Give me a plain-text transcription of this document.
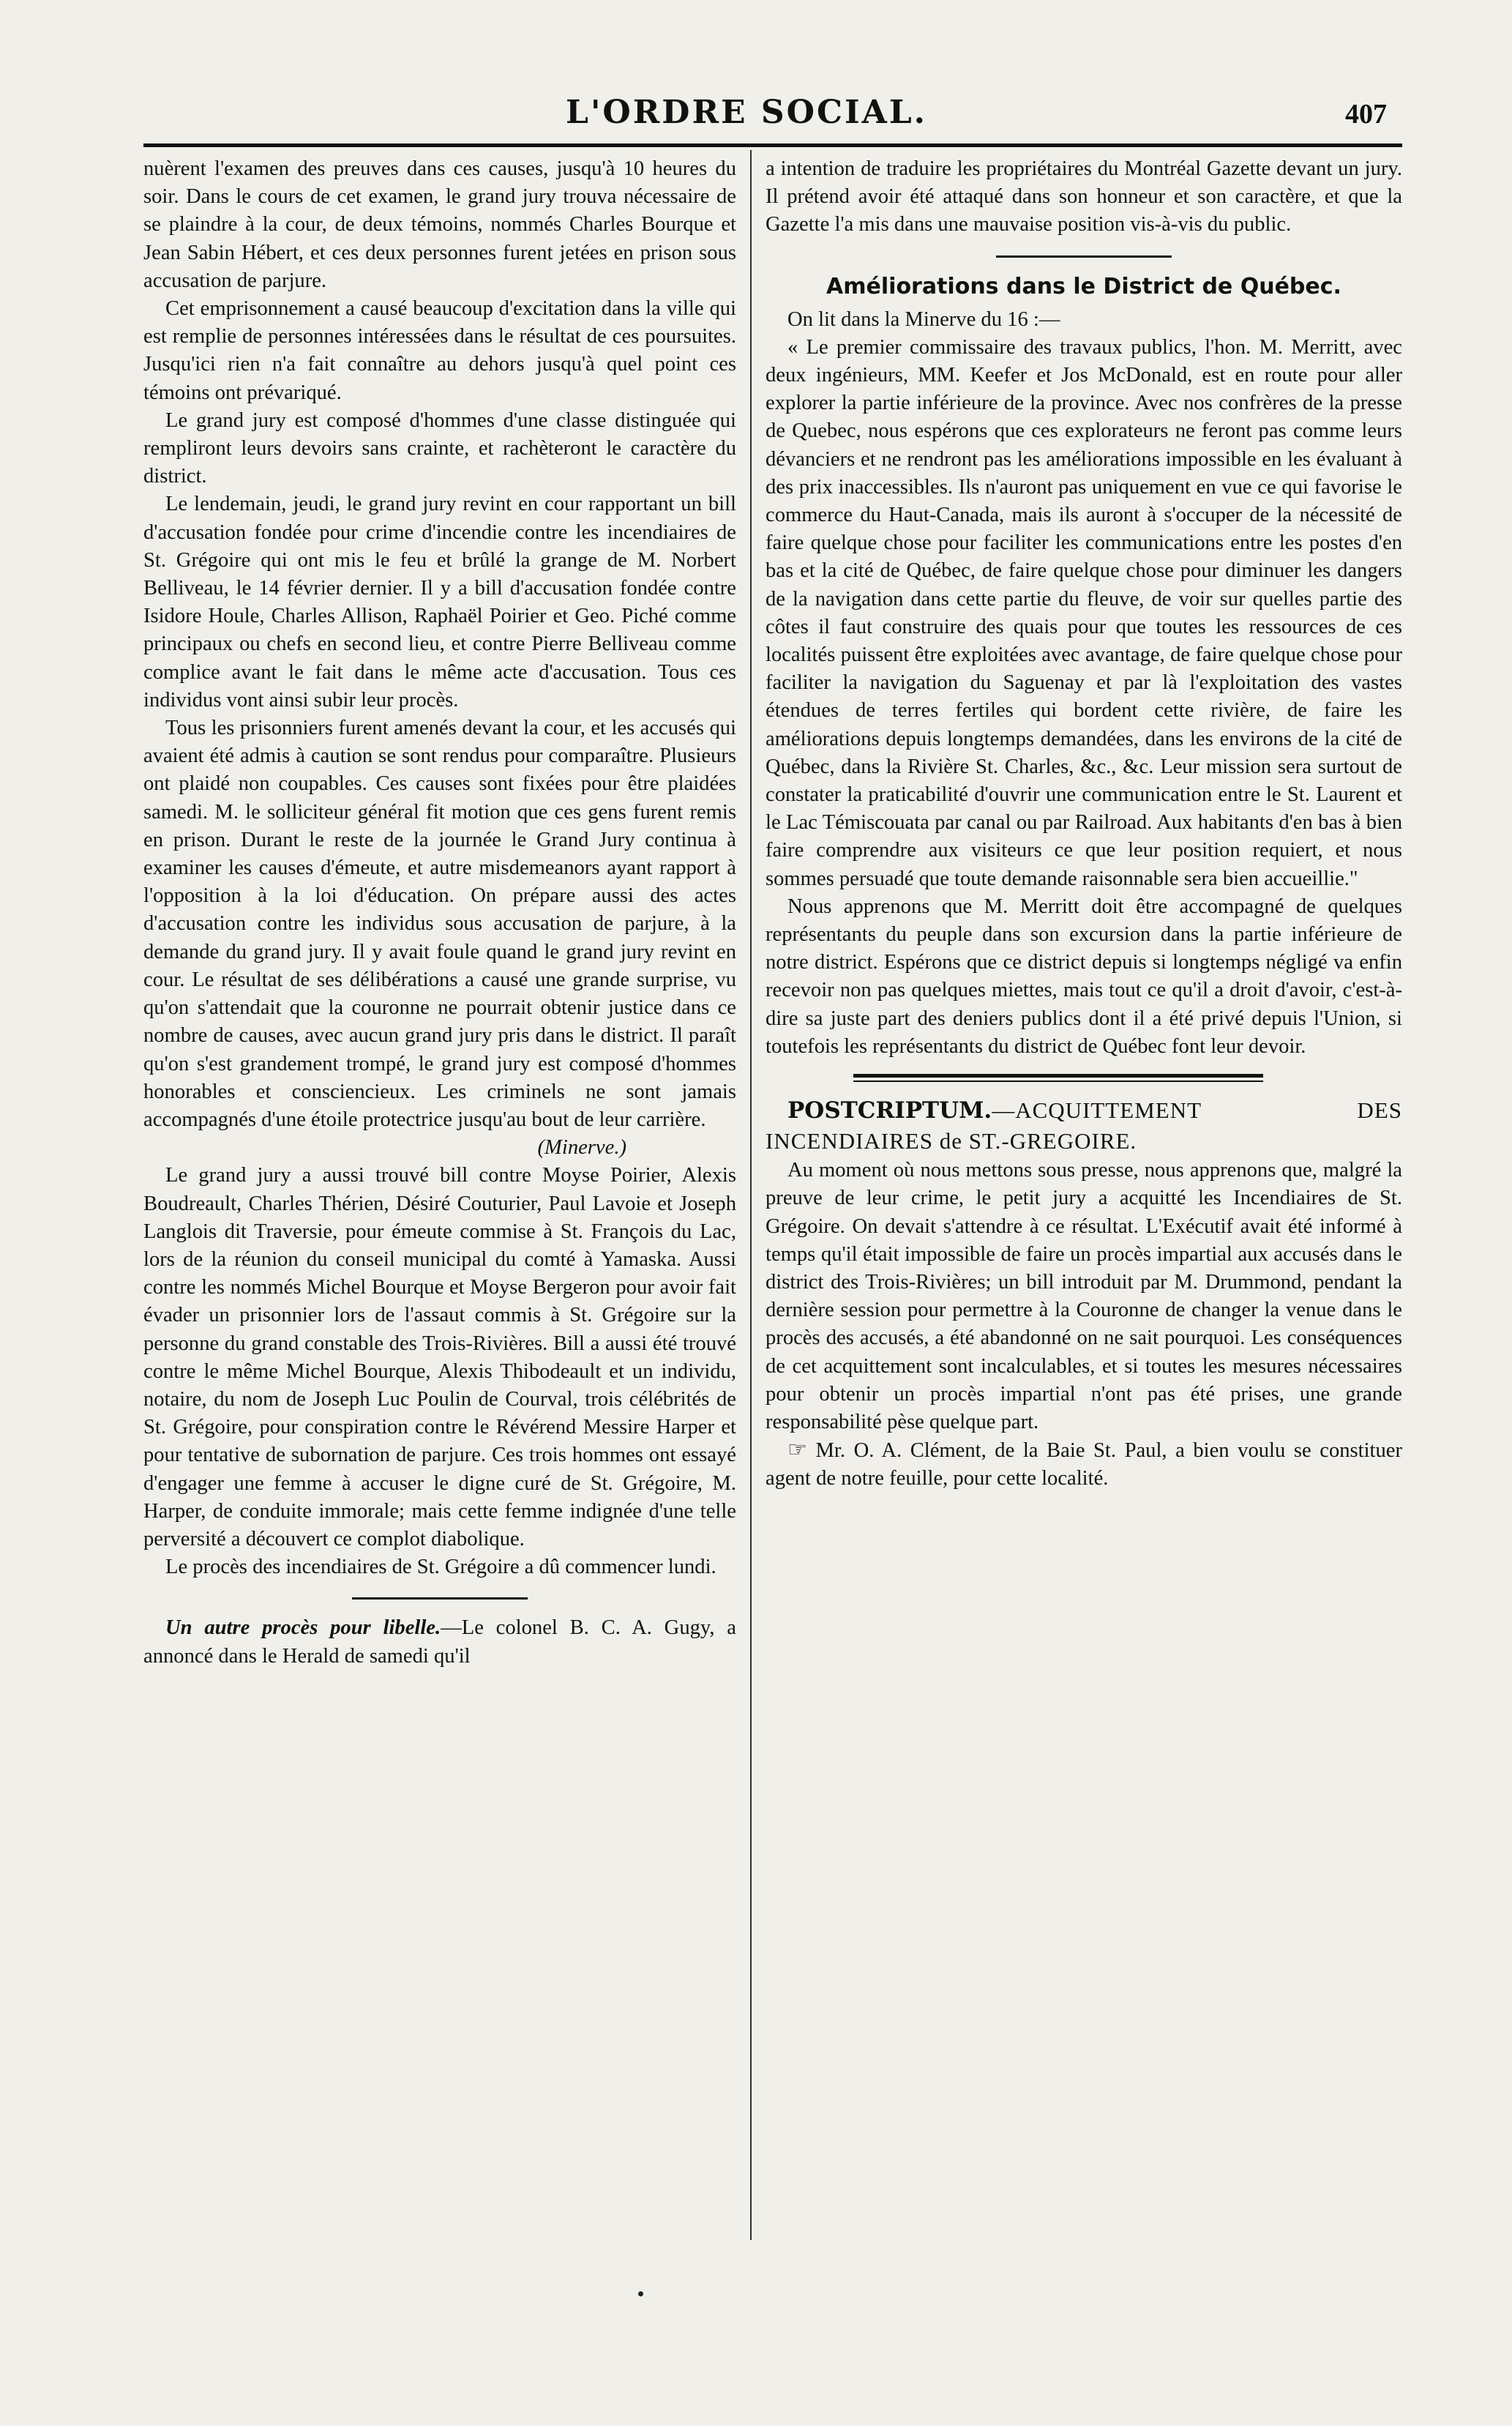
L'ORDRE SOCIAL.	407

nuèrent l'examen des preuves dans ces causes, jusqu'à 10 heures du soir. Dans le cours de cet examen, le grand jury trouva nécessaire de se plaindre à la cour, de deux témoins, nommés Charles Bourque et Jean Sabin Hébert, et ces deux personnes furent jetées en prison sous accusation de parjure.

Cet emprisonnement a causé beaucoup d'excitation dans la ville qui est remplie de personnes intéressées dans le résultat de ces poursuites. Jusqu'ici rien n'a fait connaître au dehors jusqu'à quel point ces témoins ont prévariqué.

Le grand jury est composé d'hommes d'une classe distinguée qui rempliront leurs devoirs sans crainte, et rachèteront le caractère du district.

Le lendemain, jeudi, le grand jury revint en cour rapportant un bill d'accusation fondée pour crime d'incendie contre les incendiaires de St. Grégoire qui ont mis le feu et brûlé la grange de M. Norbert Belliveau, le 14 février dernier. Il y a bill d'accusation fondée contre Isidore Houle, Charles Allison, Raphaël Poirier et Geo. Piché comme principaux ou chefs en second lieu, et contre Pierre Belliveau comme complice avant le fait dans le même acte d'accusation. Tous ces individus vont ainsi subir leur procès.

Tous les prisonniers furent amenés devant la cour, et les accusés qui avaient été admis à caution se sont rendus pour comparaître. Plusieurs ont plaidé non coupables. Ces causes sont fixées pour être plaidées samedi. M. le solliciteur général fit motion que ces gens furent remis en prison. Durant le reste de la journée le Grand Jury continua à examiner les causes d'émeute, et autre misdemeanors ayant rapport à l'opposition à la loi d'éducation. On prépare aussi des actes d'accusation contre les individus sous accusation de parjure, à la demande du grand jury. Il y avait foule quand le grand jury revint en cour. Le résultat de ses délibérations a causé une grande surprise, vu qu'on s'attendait que la couronne ne pourrait obtenir justice dans ce nombre de causes, avec aucun grand jury pris dans le district. Il paraît qu'on s'est grandement trompé, le grand jury est composé d'hommes honorables et consciencieux. Les criminels ne sont jamais accompagnés d'une étoile protectrice jusqu'au bout de leur carrière.

(Minerve.)

Le grand jury a aussi trouvé bill contre Moyse Poirier, Alexis Boudreault, Charles Thérien, Désiré Couturier, Paul Lavoie et Joseph Langlois dit Traversie, pour émeute commise à St. François du Lac, lors de la réunion du conseil municipal du comté à Yamaska. Aussi contre les nommés Michel Bourque et Moyse Bergeron pour avoir fait évader un prisonnier lors de l'assaut commis à St. Grégoire sur la personne du grand constable des Trois-Rivières. Bill a aussi été trouvé contre le même Michel Bourque, Alexis Thibodeault et un individu, notaire, du nom de Joseph Luc Poulin de Courval, trois célébrités de St. Grégoire, pour conspiration contre le Révérend Messire Harper et pour tentative de subornation de parjure. Ces trois hommes ont essayé d'engager une femme à accuser le digne curé de St. Grégoire, M. Harper, de conduite immorale; mais cette femme indignée d'une telle perversité a découvert ce complot diabolique.

Le procès des incendiaires de St. Grégoire a dû commencer lundi.

Un autre procès pour libelle.—Le colonel B. C. A. Gugy, a annoncé dans le Herald de samedi qu'il

a intention de traduire les propriétaires du Montréal Gazette devant un jury. Il prétend avoir été attaqué dans son honneur et son caractère, et que la Gazette l'a mis dans une mauvaise position vis-à-vis du public.

Améliorations dans le District de Québec.

On lit dans la Minerve du 16 :—

« Le premier commissaire des travaux publics, l'hon. M. Merritt, avec deux ingénieurs, MM. Keefer et Jos McDonald, est en route pour aller explorer la partie inférieure de la province. Avec nos confrères de la presse de Quebec, nous espérons que ces explorateurs ne feront pas comme leurs dévanciers et ne rendront pas les améliorations impossible en les évaluant à des prix inaccessibles. Ils n'auront pas uniquement en vue ce qui favorise le commerce du Haut-Canada, mais ils auront à s'occuper de la nécessité de faire quelque chose pour faciliter les communications entre les postes d'en bas et la cité de Québec, de faire quelque chose pour diminuer les dangers de la navigation dans cette partie du fleuve, de voir sur quelles partie des côtes il faut construire des quais pour que toutes les ressources de ces localités puissent être exploitées avec avantage, de faire quelque chose pour faciliter la navigation du Saguenay et par là l'exploitation des vastes étendues de terres fertiles qui bordent cette rivière, de faire les améliorations depuis longtemps demandées, dans les environs de la cité de Québec, dans la Rivière St. Charles, &c., &c. Leur mission sera surtout de constater la praticabilité d'ouvrir une communication entre le St. Laurent et le Lac Témiscouata par canal ou par Railroad. Aux habitants d'en bas à bien faire comprendre aux visiteurs ce que leur position requiert, et nous sommes persuadé que toute demande raisonnable sera bien accueillie."

Nous apprenons que M. Merritt doit être accompagné de quelques représentants du peuple dans son excursion dans la partie inférieure de notre district. Espérons que ce district depuis si longtemps négligé va enfin recevoir non pas quelques miettes, mais tout ce qu'il a droit d'avoir, c'est-à-dire sa juste part des deniers publics dont il a été privé depuis l'Union, si toutefois les représentants du district de Québec font leur devoir.

POSTCRIPTUM.—ACQUITTEMENT DES INCENDIAIRES de ST.-GREGOIRE.

Au moment où nous mettons sous presse, nous apprenons que, malgré la preuve de leur crime, le petit jury a acquitté les Incendiaires de St. Grégoire. On devait s'attendre à ce résultat. L'Exécutif avait été informé à temps qu'il était impossible de faire un procès impartial aux accusés dans le district des Trois-Rivières; un bill introduit par M. Drummond, pendant la dernière session pour permettre à la Couronne de changer la venue dans le procès des accusés, a été abandonné on ne sait pourquoi. Les conséquences de cet acquittement sont incalculables, et si toutes les mesures nécessaires pour obtenir un procès impartial n'ont pas été prises, une grande responsabilité pèse quelque part.

☞ Mr. O. A. Clément, de la Baie St. Paul, a bien voulu se constituer agent de notre feuille, pour cette localité.
